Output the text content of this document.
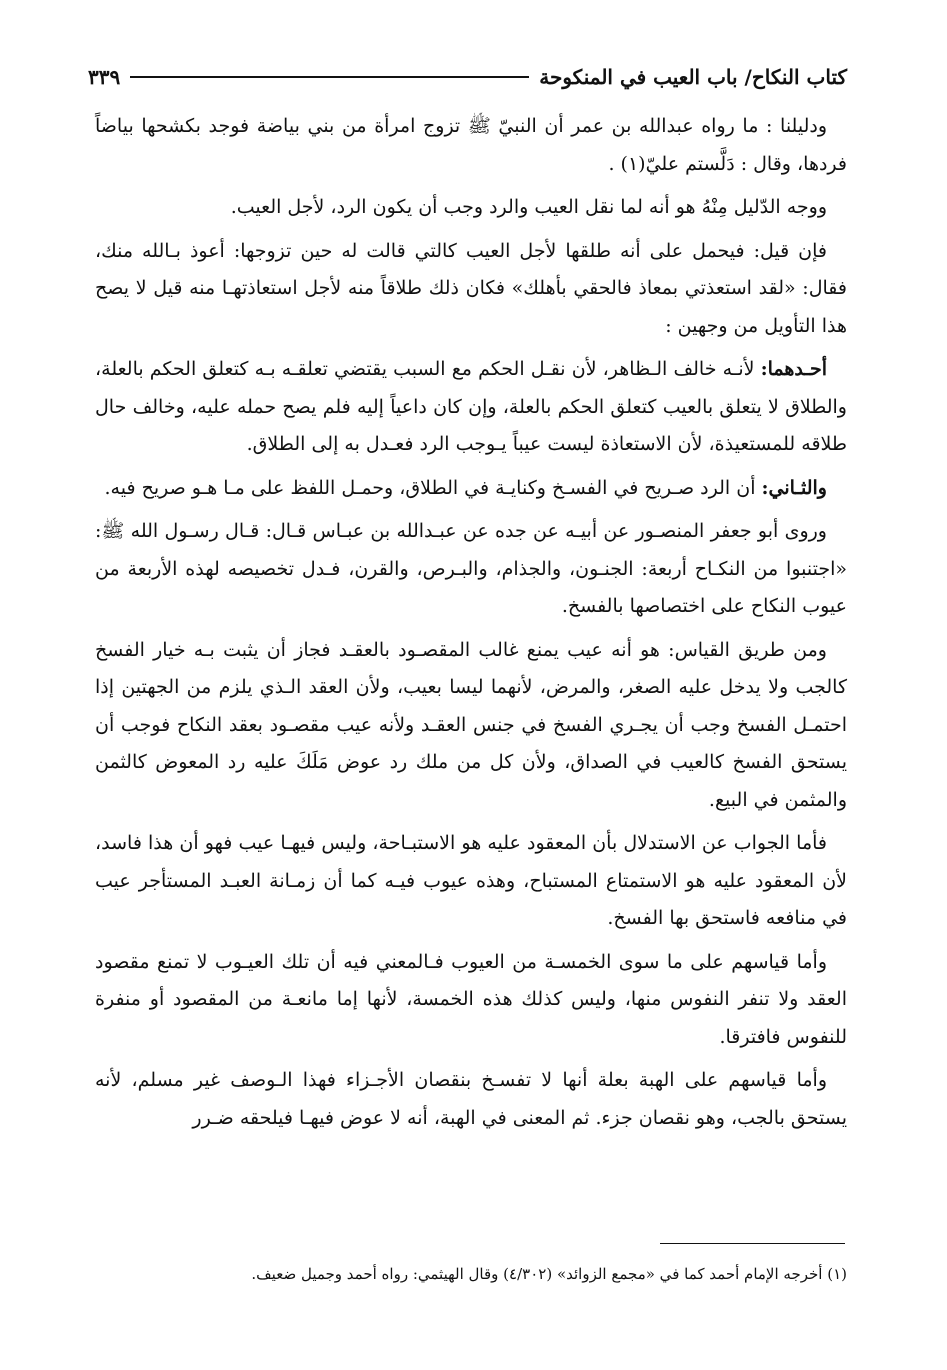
كتاب النكاح/ باب العيب في المنكوحة
٣٣٩

ودليلنا : ما رواه عبدالله بن عمر أن النبيّ ﷺ تزوج امرأة من بني بياضة فوجد بكشحها بياضاً فردها، وقال : دَلَّستم عليّ(١) .

ووجه الدّليل مِنْهُ هو أنه لما نقل العيب والرد وجب أن يكون الرد، لأجل العيب.

فإن قيل: فيحمل على أنه طلقها لأجل العيب كالتي قالت له حين تزوجها: أعوذ بـالله منك، فقال: «لقد استعذتي بمعاذ فالحقي بأهلك» فكان ذلك طلاقاً منه لأجل استعاذتهـا منه قيل لا يصح هذا التأويل من وجهين :

أحـدهما: لأنـه خالف الـظاهر، لأن نقـل الحكم مع السبب يقتضي تعلقـه بـه كتعلق الحكم بالعلة، والطلاق لا يتعلق بالعيب كتعلق الحكم بالعلة، وإن كان داعياً إليه فلم يصح حمله عليه، وخالف حال طلاقه للمستعيذة، لأن الاستعاذة ليست عيباً يـوجب الرد فعـدل به إلى الطلاق.

والثـاني: أن الرد صـريح في الفسـخ وكنايـة في الطلاق، وحمـل اللفظ على مـا هـو صريح فيه.

وروى أبو جعفر المنصـور عن أبيـه عن جده عن عبـدالله بن عبـاس قـال: قـال رسـول الله ﷺ: «اجتنبوا من النكـاح أربعة: الجنـون، والجذام، والبـرص، والقرن، فـدل تخصيصه لهذه الأربعة من عيوب النكاح على اختصاصها بالفسخ.

ومن طريق القياس: هو أنه عيب يمنع غالب المقصـود بالعقـد فجاز أن يثبت بـه خيار الفسخ كالجب ولا يدخل عليه الصغر، والمرض، لأنهما ليسا بعيب، ولأن العقد الـذي يلزم من الجهتين إذا احتمـل الفسخ وجب أن يجـري الفسخ في جنس العقـد ولأنه عيب مقصـود بعقد النكاح فوجب أن يستحق الفسخ كالعيب في الصداق، ولأن كل من ملك رد عوض مَلَكَ عليه رد المعوض كالثمن والمثمن في البيع.

فأما الجواب عن الاستدلال بأن المعقود عليه هو الاستبـاحة، وليس فيهـا عيب فهو أن هذا فاسد، لأن المعقود عليه هو الاستمتاع المستباح، وهذه عيوب فيـه كما أن زمـانة العبـد المستأجر عيب في منافعه فاستحق بها الفسخ.

وأما قياسهم على ما سوى الخمسـة من العيوب فـالمعني فيه أن تلك العيـوب لا تمنع مقصود العقد ولا تنفر النفوس منها، وليس كذلك هذه الخمسة، لأنها إما مانعـة من المقصود أو منفرة للنفوس فافترقا.

وأما قياسهم على الهبة بعلة أنها لا تفسـخ بنقصان الأجـزاء فهذا الـوصف غير مسلم، لأنه يستحق بالجب، وهو نقصان جزء. ثم المعنى في الهبة، أنه لا عوض فيهـا فيلحقه ضـرر

(١) أخرجه الإمام أحمد كما في «مجمع الزوائد» (٤/٣٠٢) وقال الهيثمي: رواه أحمد وجميل ضعيف.
